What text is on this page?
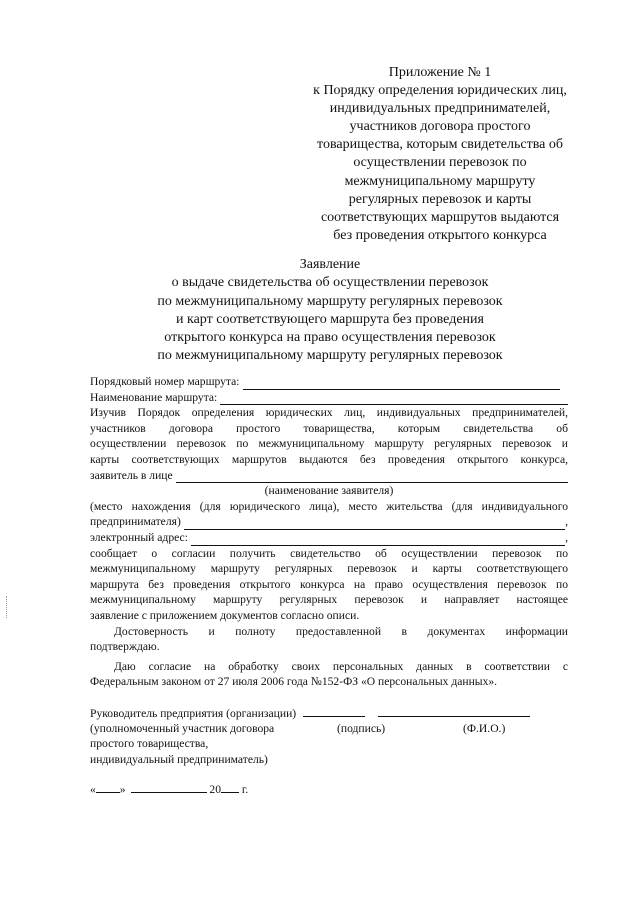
Приложение № 1
к Порядку определения юридических лиц,
индивидуальных предпринимателей,
участников договора простого
товарищества, которым свидетельства об
осуществлении перевозок по
межмуниципальному маршруту
регулярных перевозок и карты
соответствующих маршрутов выдаются
без проведения открытого конкурса
Заявление
о выдаче свидетельства об осуществлении перевозок
по межмуниципальному маршруту регулярных перевозок
и карт соответствующего маршрута без проведения
открытого конкурса на право осуществления перевозок
по межмуниципальному маршруту регулярных перевозок
Порядковый номер маршрута:
Наименование маршрута:
Изучив Порядок определения юридических лиц, индивидуальных предпринимателей,
участников договора простого товарищества, которым свидетельства об
осуществлении перевозок по межмуниципальному маршруту регулярных перевозок и
карты соответствующих маршрутов выдаются без проведения открытого конкурса,
заявитель в лице
(наименование заявителя)
(место нахождения (для юридического лица), место жительства (для индивидуального
предпринимателя)	,
электронный адрес:	,
сообщает о согласии получить свидетельство об осуществлении перевозок по
межмуниципальному маршруту регулярных перевозок и карты соответствующего
маршрута без проведения открытого конкурса на право осуществления перевозок по
межмуниципальному маршруту регулярных перевозок и направляет настоящее
заявление с приложением документов согласно описи.
Достоверность и полноту предоставленной в документах информации
подтверждаю.
Даю согласие на обработку своих персональных данных в соответствии с
Федеральным законом от 27 июля 2006 года №152-ФЗ «О персональных данных».
Руководитель предприятия (организации)
(уполномоченный участник договора	(подпись)	(Ф.И.О.)
простого товарищества,
индивидуальный предприниматель)
« »	20 г.
